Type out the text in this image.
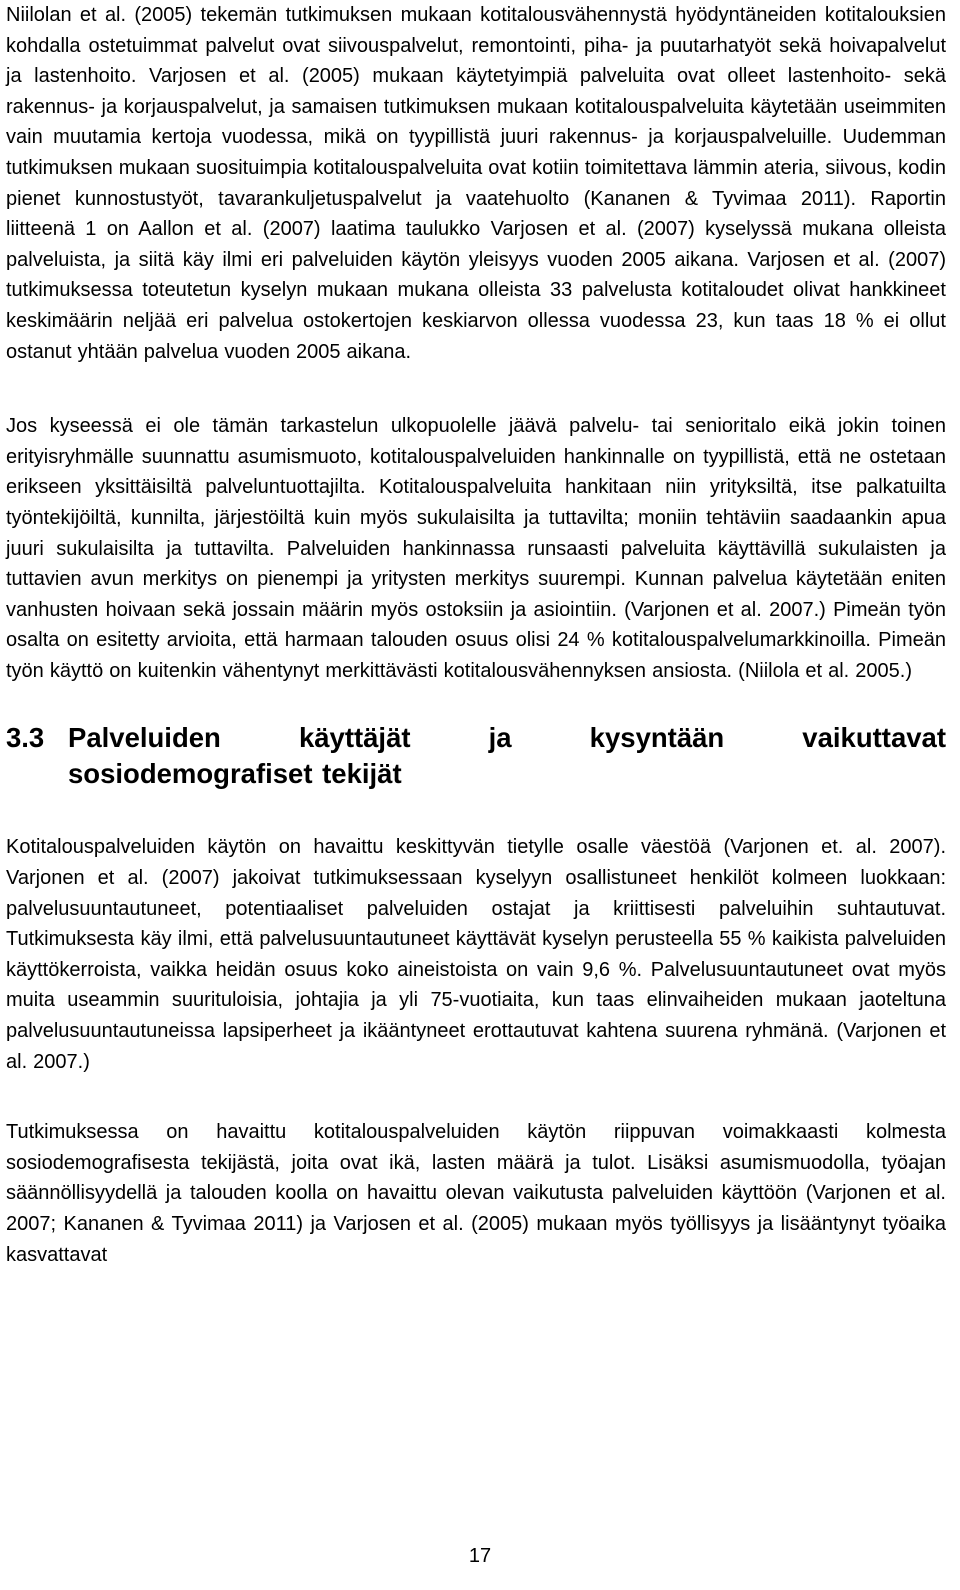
Niilolan et al. (2005) tekemän tutkimuksen mukaan kotitalousvähennystä hyödyntäneiden kotitalouksien kohdalla ostetuimmat palvelut ovat siivouspalvelut, remontointi, piha- ja puutarhatyöt sekä hoivapalvelut ja lastenhoito. Varjosen et al. (2005) mukaan käytetyimpiä palveluita ovat olleet lastenhoito- sekä rakennus- ja korjauspalvelut, ja samaisen tutkimuksen mukaan kotitalouspalveluita käytetään useimmiten vain muutamia kertoja vuodessa, mikä on tyypillistä juuri rakennus- ja korjauspalveluille. Uudemman tutkimuksen mukaan suosituimpia kotitalouspalveluita ovat kotiin toimitettava lämmin ateria, siivous, kodin pienet kunnostustyöt, tavarankuljetuspalvelut ja vaatehuolto (Kananen & Tyvimaa 2011). Raportin liitteenä 1 on Aallon et al. (2007) laatima taulukko Varjosen et al. (2007) kyselyssä mukana olleista palveluista, ja siitä käy ilmi eri palveluiden käytön yleisyys vuoden 2005 aikana. Varjosen et al. (2007) tutkimuksessa toteutetun kyselyn mukaan mukana olleista 33 palvelusta kotitaloudet olivat hankkineet keskimäärin neljää eri palvelua ostokertojen keskiarvon ollessa vuodessa 23, kun taas 18 % ei ollut ostanut yhtään palvelua vuoden 2005 aikana.

Jos kyseessä ei ole tämän tarkastelun ulkopuolelle jäävä palvelu- tai senioritalo eikä jokin toinen erityisryhmälle suunnattu asumismuoto, kotitalouspalveluiden hankinnalle on tyypillistä, että ne ostetaan erikseen yksittäisiltä palveluntuottajilta. Kotitalouspalveluita hankitaan niin yrityksiltä, itse palkatuilta työntekijöiltä, kunnilta, järjestöiltä kuin myös sukulaisilta ja tuttavilta; moniin tehtäviin saadaankin apua juuri sukulaisilta ja tuttavilta. Palveluiden hankinnassa runsaasti palveluita käyttävillä sukulaisten ja tuttavien avun merkitys on pienempi ja yritysten merkitys suurempi. Kunnan palvelua käytetään eniten vanhusten hoivaan sekä jossain määrin myös ostoksiin ja asiointiin. (Varjonen et al. 2007.) Pimeän työn osalta on esitetty arvioita, että harmaan talouden osuus olisi 24 % kotitalouspalvelumarkkinoilla. Pimeän työn käyttö on kuitenkin vähentynyt merkittävästi kotitalousvähennyksen ansiosta. (Niilola et al. 2005.)

3.3 Palveluiden käyttäjät ja kysyntään vaikuttavat
sosiodemografiset tekijät

Kotitalouspalveluiden käytön on havaittu keskittyvän tietylle osalle väestöä (Varjonen et. al. 2007). Varjonen et al. (2007) jakoivat tutkimuksessaan kyselyyn osallistuneet henkilöt kolmeen luokkaan: palvelusuuntautuneet, potentiaaliset palveluiden ostajat ja kriittisesti palveluihin suhtautuvat. Tutkimuksesta käy ilmi, että palvelusuuntautuneet käyttävät kyselyn perusteella 55 % kaikista palveluiden käyttökerroista, vaikka heidän osuus koko aineistoista on vain 9,6 %. Palvelusuuntautuneet ovat myös muita useammin suurituloisia, johtajia ja yli 75-vuotiaita, kun taas elinvaiheiden mukaan jaoteltuna palvelusuuntautuneissa lapsiperheet ja ikääntyneet erottautuvat kahtena suurena ryhmänä. (Varjonen et al. 2007.)

Tutkimuksessa on havaittu kotitalouspalveluiden käytön riippuvan voimakkaasti kolmesta sosiodemografisesta tekijästä, joita ovat ikä, lasten määrä ja tulot. Lisäksi asumismuodolla, työajan säännöllisyydellä ja talouden koolla on havaittu olevan vaikutusta palveluiden käyttöön (Varjonen et al. 2007; Kananen & Tyvimaa 2011) ja Varjosen et al. (2005) mukaan myös työllisyys ja lisääntynyt työaika kasvattavat

17
